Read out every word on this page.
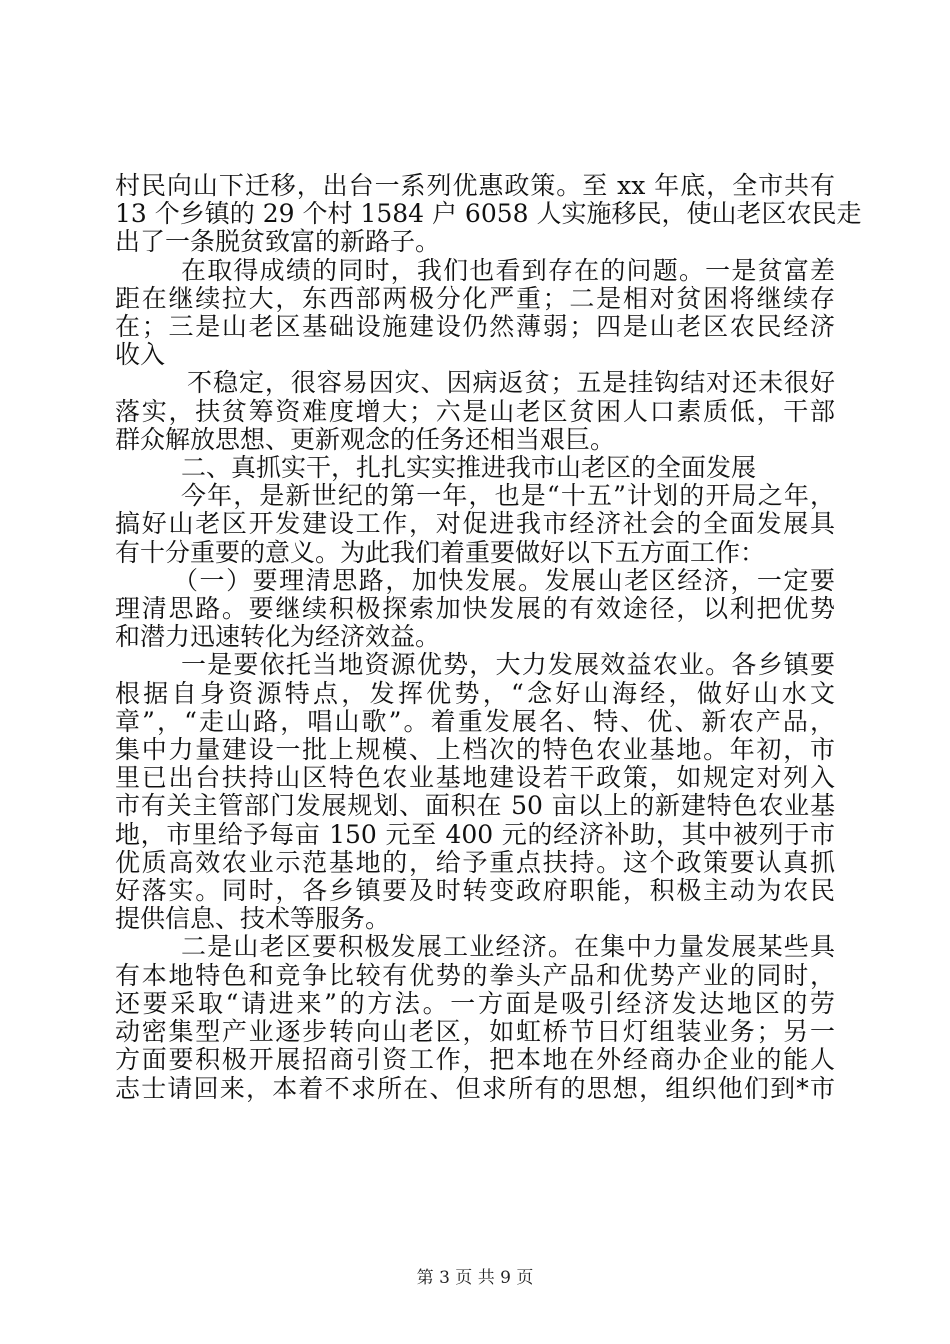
村民向山下迁移，出台一系列优惠政策。至 xx 年底，全市共有
13 个乡镇的 29 个村 1584 户 6058 人实施移民，使山老区农民走
出了一条脱贫致富的新路子。
在取得成绩的同时，我们也看到存在的问题。一是贫富差
距在继续拉大，东西部两极分化严重；二是相对贫困将继续存
在；三是山老区基础设施建设仍然薄弱；四是山老区农民经济
收入
不稳定，很容易因灾、因病返贫；五是挂钩结对还未很好
落实，扶贫筹资难度增大；六是山老区贫困人口素质低，干部
群众解放思想、更新观念的任务还相当艰巨。
二、真抓实干，扎扎实实推进我市山老区的全面发展
今年，是新世纪的第一年，也是“十五”计划的开局之年，
搞好山老区开发建设工作，对促进我市经济社会的全面发展具
有十分重要的意义。为此我们着重要做好以下五方面工作：
（一）要理清思路，加快发展。发展山老区经济，一定要
理清思路。要继续积极探索加快发展的有效途径，以利把优势
和潜力迅速转化为经济效益。
一是要依托当地资源优势，大力发展效益农业。各乡镇要
根据自身资源特点，发挥优势，“念好山海经，做好山水文
章”，“走山路，唱山歌”。着重发展名、特、优、新农产品，
集中力量建设一批上规模、上档次的特色农业基地。年初，市
里已出台扶持山区特色农业基地建设若干政策，如规定对列入
市有关主管部门发展规划、面积在 50 亩以上的新建特色农业基
地，市里给予每亩 150 元至 400 元的经济补助，其中被列于市
优质高效农业示范基地的，给予重点扶持。这个政策要认真抓
好落实。同时，各乡镇要及时转变政府职能，积极主动为农民
提供信息、技术等服务。
二是山老区要积极发展工业经济。在集中力量发展某些具
有本地特色和竞争比较有优势的拳头产品和优势产业的同时，
还要采取“请进来”的方法。一方面是吸引经济发达地区的劳
动密集型产业逐步转向山老区，如虹桥节日灯组装业务；另一
方面要积极开展招商引资工作，把本地在外经商办企业的能人
志士请回来，本着不求所在、但求所有的思想，组织他们到*市
第 3 页 共 9 页
